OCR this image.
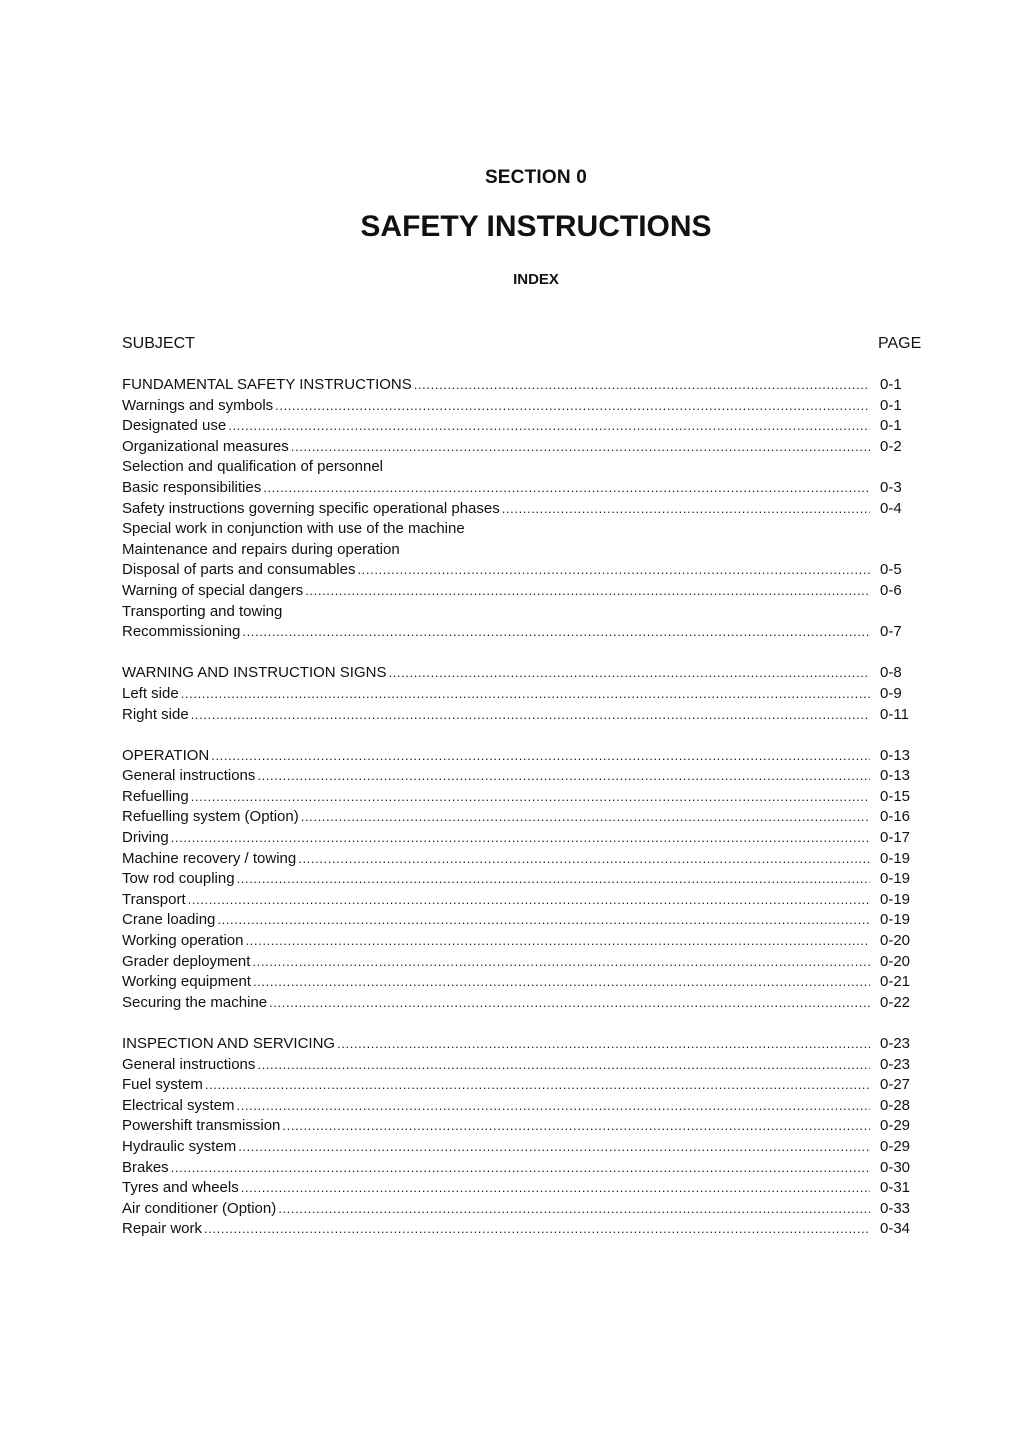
SECTION 0
SAFETY INSTRUCTIONS
INDEX
SUBJECT	PAGE
FUNDAMENTAL SAFETY INSTRUCTIONS .....	0-1
Warnings and symbols .....	0-1
Designated use .....	0-1
Organizational measures .....	0-2
Selection and qualification of personnel
Basic responsibilities .....	0-3
Safety instructions governing specific operational phases .....	0-4
Special work in conjunction with use of the machine
Maintenance and repairs during operation
Disposal of parts and consumables .....	0-5
Warning of special dangers .....	0-6
Transporting and towing
Recommissioning .....	0-7
WARNING AND INSTRUCTION SIGNS .....	0-8
Left side .....	0-9
Right side .....	0-11
OPERATION .....	0-13
General instructions .....	0-13
Refuelling .....	0-15
Refuelling system (Option) .....	0-16
Driving .....	0-17
Machine recovery / towing .....	0-19
Tow rod coupling .....	0-19
Transport .....	0-19
Crane loading .....	0-19
Working operation .....	0-20
Grader deployment .....	0-20
Working equipment .....	0-21
Securing the machine .....	0-22
INSPECTION AND SERVICING .....	0-23
General instructions .....	0-23
Fuel system .....	0-27
Electrical system .....	0-28
Powershift transmission .....	0-29
Hydraulic system .....	0-29
Brakes .....	0-30
Tyres and wheels .....	0-31
Air conditioner (Option) .....	0-33
Repair work .....	0-34
